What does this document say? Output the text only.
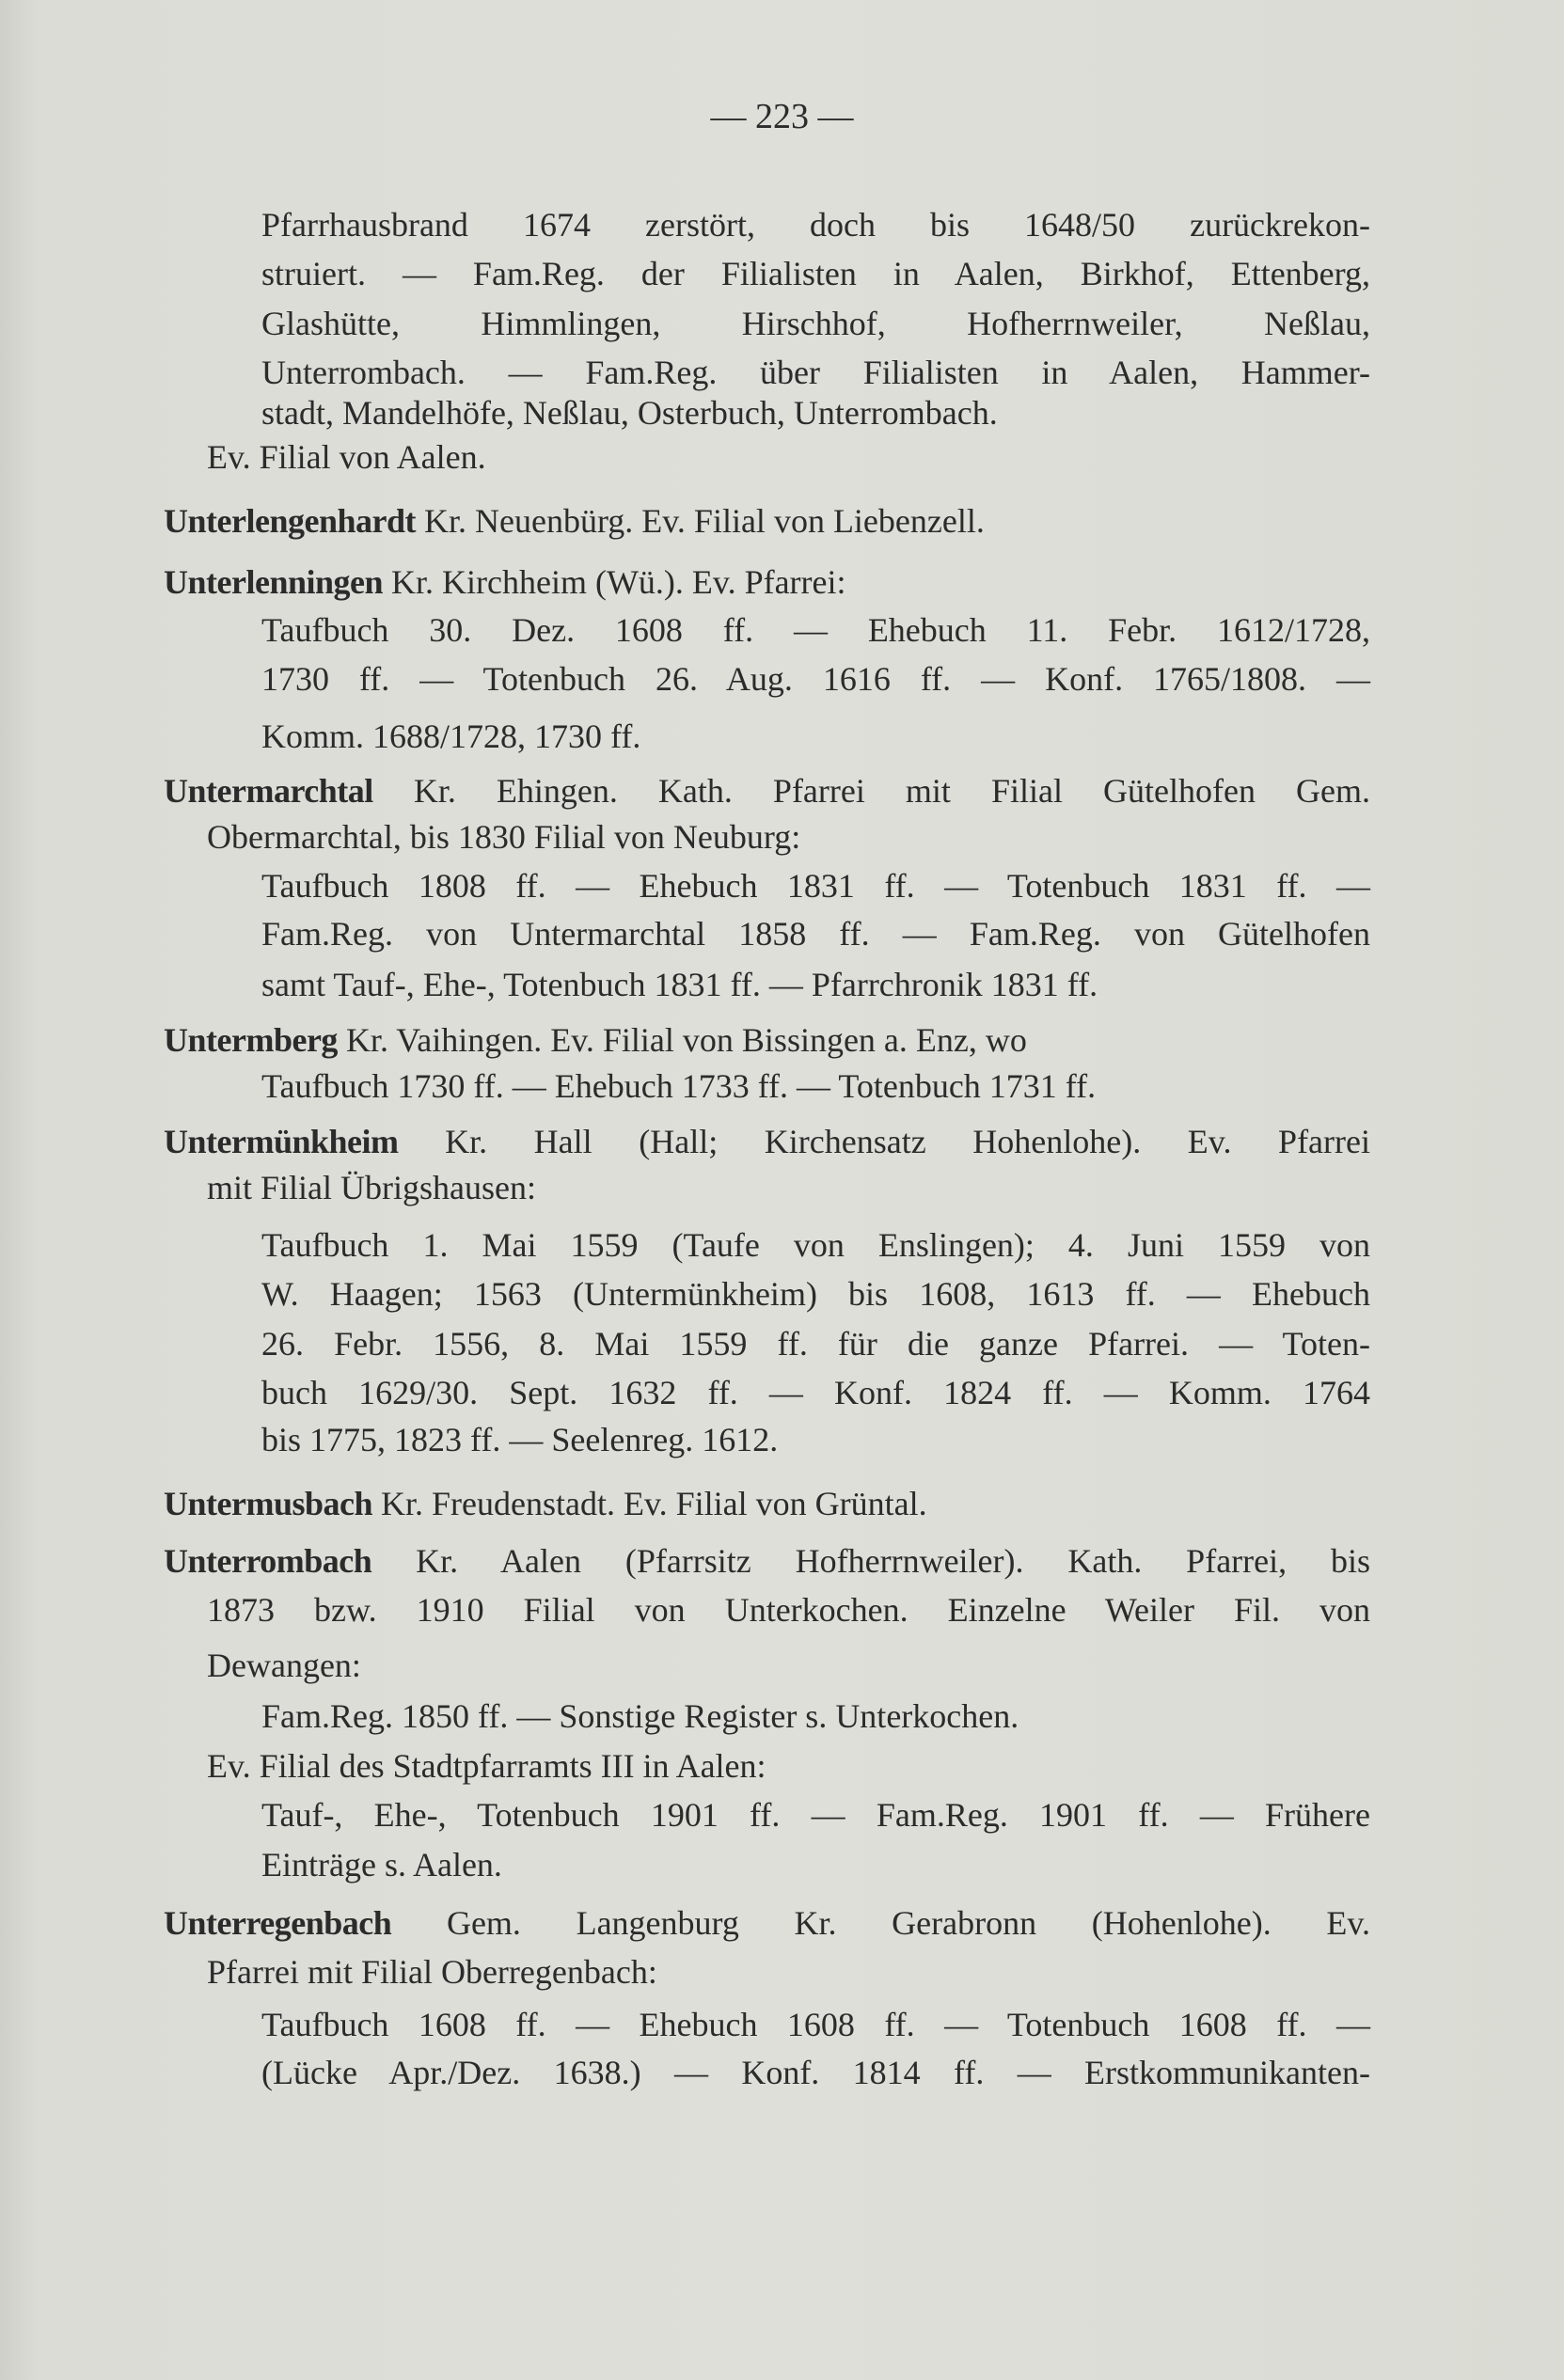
— 223 —
Pfarrhausbrand 1674 zerstört, doch bis 1648/50 zurückrekon-
struiert. — Fam.Reg. der Filialisten in Aalen, Birkhof, Ettenberg,
Glashütte, Himmlingen, Hirschhof, Hofherrnweiler, Neßlau,
Unterrombach. — Fam.Reg. über Filialisten in Aalen, Hammer-
stadt, Mandelhöfe, Neßlau, Osterbuch, Unterrombach.
Ev. Filial von Aalen.
Unterlengenhardt Kr. Neuenbürg. Ev. Filial von Liebenzell.
Unterlenningen Kr. Kirchheim (Wü.). Ev. Pfarrei:
Taufbuch 30. Dez. 1608 ff. — Ehebuch 11. Febr. 1612/1728,
1730 ff. — Totenbuch 26. Aug. 1616 ff. — Konf. 1765/1808. —
Komm. 1688/1728, 1730 ff.
Untermarchtal Kr. Ehingen. Kath. Pfarrei mit Filial Gütelhofen Gem.
Obermarchtal, bis 1830 Filial von Neuburg:
Taufbuch 1808 ff. — Ehebuch 1831 ff. — Totenbuch 1831 ff. —
Fam.Reg. von Untermarchtal 1858 ff. — Fam.Reg. von Gütelhofen
samt Tauf-, Ehe-, Totenbuch 1831 ff. — Pfarrchronik 1831 ff.
Untermberg Kr. Vaihingen. Ev. Filial von Bissingen a. Enz, wo
Taufbuch 1730 ff. — Ehebuch 1733 ff. — Totenbuch 1731 ff.
Untermünkheim Kr. Hall (Hall; Kirchensatz Hohenlohe). Ev. Pfarrei
mit Filial Übrigshausen:
Taufbuch 1. Mai 1559 (Taufe von Enslingen); 4. Juni 1559 von
W. Haagen; 1563 (Untermünkheim) bis 1608, 1613 ff. — Ehebuch
26. Febr. 1556, 8. Mai 1559 ff. für die ganze Pfarrei. — Toten-
buch 1629/30. Sept. 1632 ff. — Konf. 1824 ff. — Komm. 1764
bis 1775, 1823 ff. — Seelenreg. 1612.
Untermusbach Kr. Freudenstadt. Ev. Filial von Grüntal.
Unterrombach Kr. Aalen (Pfarrsitz Hofherrnweiler). Kath. Pfarrei, bis
1873 bzw. 1910 Filial von Unterkochen. Einzelne Weiler Fil. von
Dewangen:
Fam.Reg. 1850 ff. — Sonstige Register s. Unterkochen.
Ev. Filial des Stadtpfarramts III in Aalen:
Tauf-, Ehe-, Totenbuch 1901 ff. — Fam.Reg. 1901 ff. — Frühere
Einträge s. Aalen.
Unterregenbach Gem. Langenburg Kr. Gerabronn (Hohenlohe). Ev.
Pfarrei mit Filial Oberregenbach:
Taufbuch 1608 ff. — Ehebuch 1608 ff. — Totenbuch 1608 ff. —
(Lücke Apr./Dez. 1638.) — Konf. 1814 ff. — Erstkommunikanten-
